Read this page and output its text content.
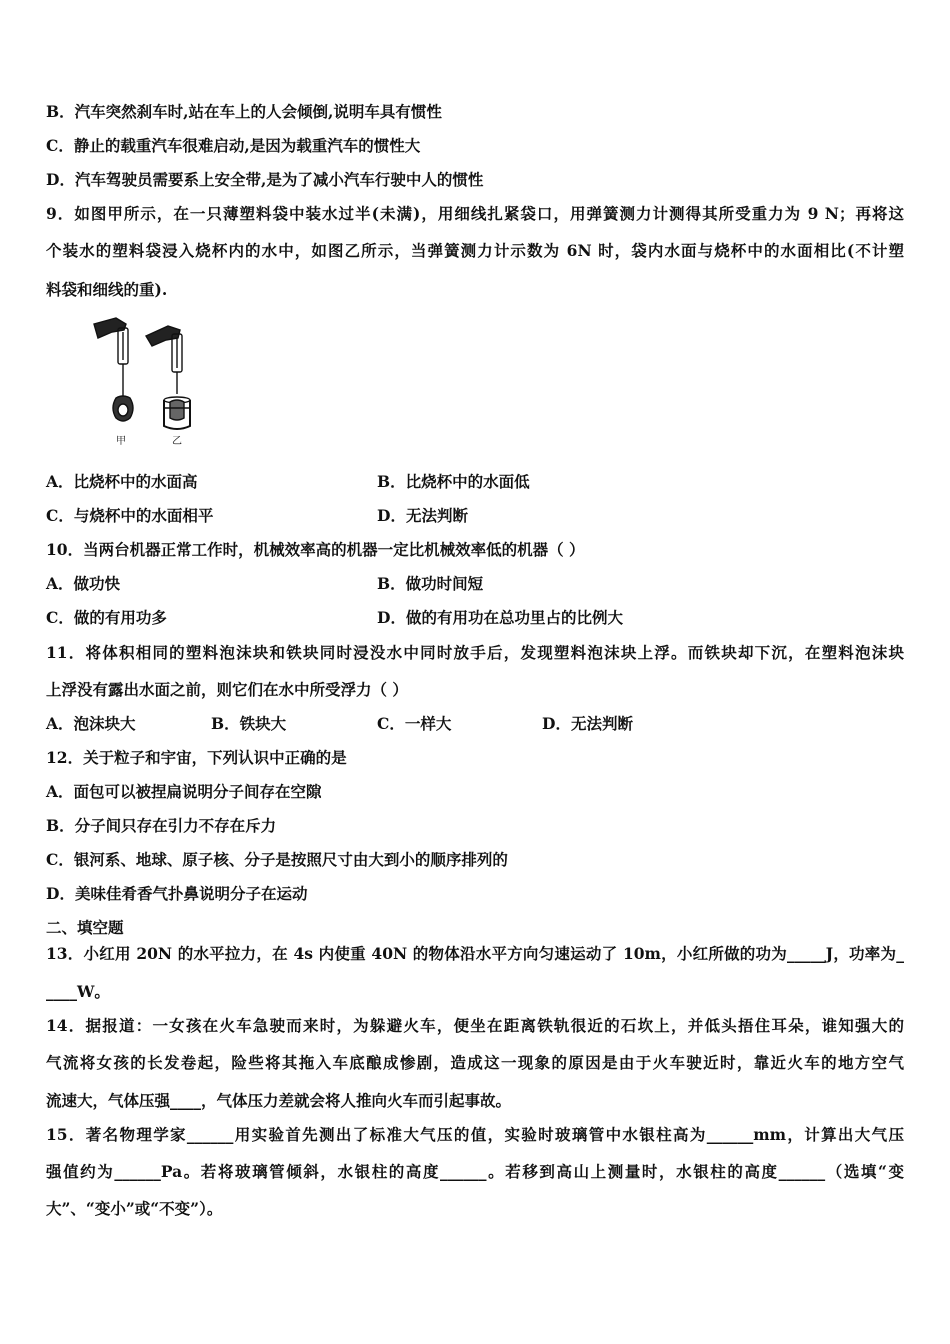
B．汽车突然刹车时,站在车上的人会倾倒,说明车具有惯性
C．静止的载重汽车很难启动,是因为载重汽车的惯性大
D．汽车驾驶员需要系上安全带,是为了减小汽车行驶中人的惯性
9．如图甲所示，在一只薄塑料袋中装水过半(未满)，用细线扎紧袋口，用弹簧测力计测得其所受重力为 9 N；再将这
个装水的塑料袋浸入烧杯内的水中，如图乙所示，当弹簧测力计示数为 6N 时，袋内水面与烧杯中的水面相比(不计塑
料袋和细线的重).
甲	乙
A．比烧杯中的水面高	B．比烧杯中的水面低
C．与烧杯中的水面相平	D．无法判断
10．当两台机器正常工作时，机械效率高的机器一定比机械效率低的机器（ ）
A．做功快	B．做功时间短
C．做的有用功多	D．做的有用功在总功里占的比例大
11．将体积相同的塑料泡沫块和铁块同时浸没水中同时放手后，发现塑料泡沫块上浮。而铁块却下沉，在塑料泡沫块
上浮没有露出水面之前，则它们在水中所受浮力（ ）
A．泡沫块大	B．铁块大	C．一样大	D．无法判断
12．关于粒子和宇宙，下列认识中正确的是
A．面包可以被捏扁说明分子间存在空隙
B．分子间只存在引力不存在斥力
C．银河系、地球、原子核、分子是按照尺寸由大到小的顺序排列的
D．美味佳肴香气扑鼻说明分子在运动
二、填空题
13．小红用 20N 的水平拉力，在 4s 内使重 40N 的物体沿水平方向匀速运动了 10m，小红所做的功为_____J，功率为_
____W。
14．据报道：一女孩在火车急驶而来时，为躲避火车，便坐在距离铁轨很近的石坎上，并低头捂住耳朵，谁知强大的
气流将女孩的长发卷起，险些将其拖入车底酿成惨剧，造成这一现象的原因是由于火车驶近时，靠近火车的地方空气
流速大，气体压强____，气体压力差就会将人推向火车而引起事故。
15．著名物理学家______用实验首先测出了标准大气压的值，实验时玻璃管中水银柱高为______mm，计算出大气压
强值约为______Pa。若将玻璃管倾斜，水银柱的高度______。若移到高山上测量时，水银柱的高度______（选填“变
大”、“变小”或“不变”）。
